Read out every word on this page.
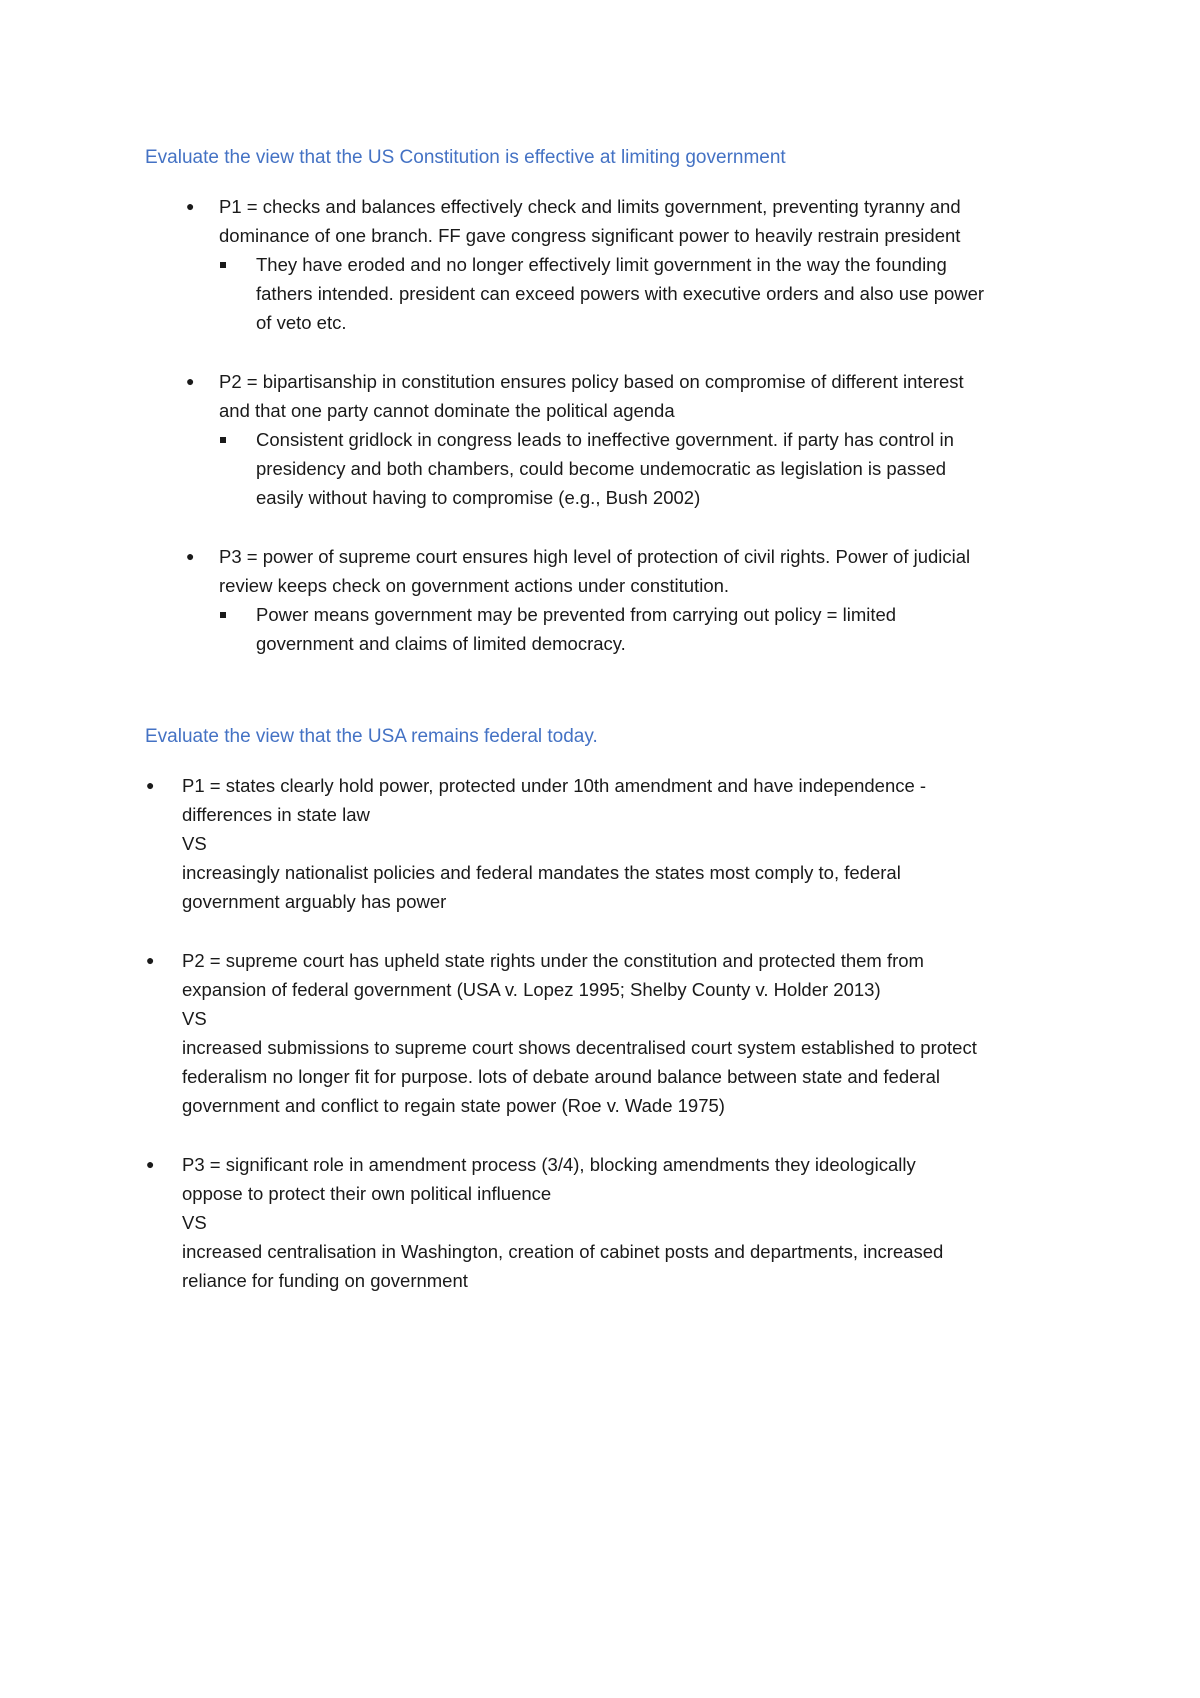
Evaluate the view that the US Constitution is effective at limiting government
● P1 = checks and balances effectively check and limits government, preventing tyranny and
dominance of one branch. FF gave congress significant power to heavily restrain president
They have eroded and no longer effectively limit government in the way the founding
fathers intended. president can exceed powers with executive orders and also use power
of veto etc.
● P2 = bipartisanship in constitution ensures policy based on compromise of different interest
and that one party cannot dominate the political agenda
Consistent gridlock in congress leads to ineffective government. if party has control in
presidency and both chambers, could become undemocratic as legislation is passed
easily without having to compromise (e.g., Bush 2002)
● P3 = power of supreme court ensures high level of protection of civil rights. Power of judicial
review keeps check on government actions under constitution.
Power means government may be prevented from carrying out policy = limited
government and claims of limited democracy.
Evaluate the view that the USA remains federal today.
● P1 = states clearly hold power, protected under 10th amendment and have independence -
differences in state law
VS
increasingly nationalist policies and federal mandates the states most comply to, federal
government arguably has power
● P2 = supreme court has upheld state rights under the constitution and protected them from
expansion of federal government (USA v. Lopez 1995; Shelby County v. Holder 2013)
VS
increased submissions to supreme court shows decentralised court system established to protect
federalism no longer fit for purpose. lots of debate around balance between state and federal
government and conflict to regain state power (Roe v. Wade 1975)
● P3 = significant role in amendment process (3/4), blocking amendments they ideologically
oppose to protect their own political influence
VS
increased centralisation in Washington, creation of cabinet posts and departments, increased
reliance for funding on government
